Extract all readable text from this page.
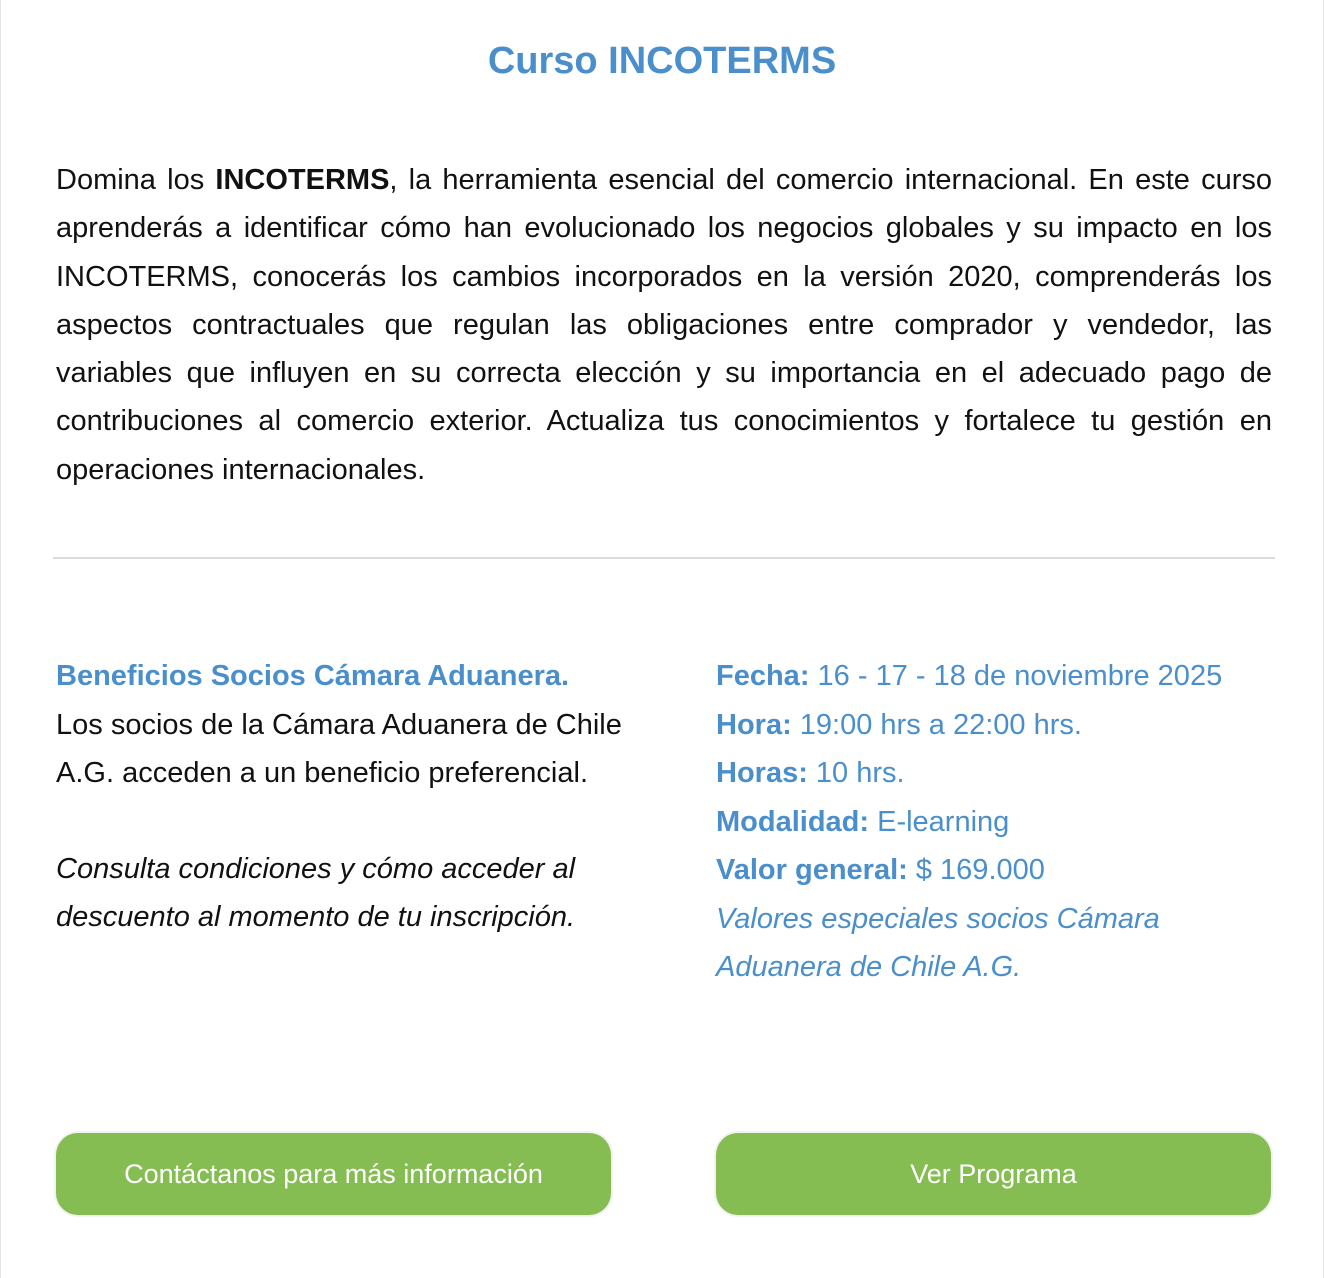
Curso INCOTERMS

Domina los INCOTERMS, la herramienta esencial del comercio internacional. En este curso aprenderás a identificar cómo han evolucionado los negocios globales y su impacto en los INCOTERMS, conocerás los cambios incorporados en la versión 2020, comprenderás los aspectos contractuales que regulan las obligaciones entre comprador y vendedor, las variables que influyen en su correcta elección y su importancia en el adecuado pago de contribuciones al comercio exterior. Actualiza tus conocimientos y fortalece tu gestión en operaciones internacionales.

Beneficios Socios Cámara Aduanera.
Los socios de la Cámara Aduanera de Chile A.G. acceden a un beneficio preferencial.
Consulta condiciones y cómo acceder al descuento al momento de tu inscripción.
Fecha: 16 - 17 - 18 de noviembre 2025
Hora: 19:00 hrs a 22:00 hrs.
Horas: 10 hrs.
Modalidad: E-learning
Valor general: $ 169.000
Valores especiales socios Cámara Aduanera de Chile A.G.
Contáctanos para más información	Ver Programa
